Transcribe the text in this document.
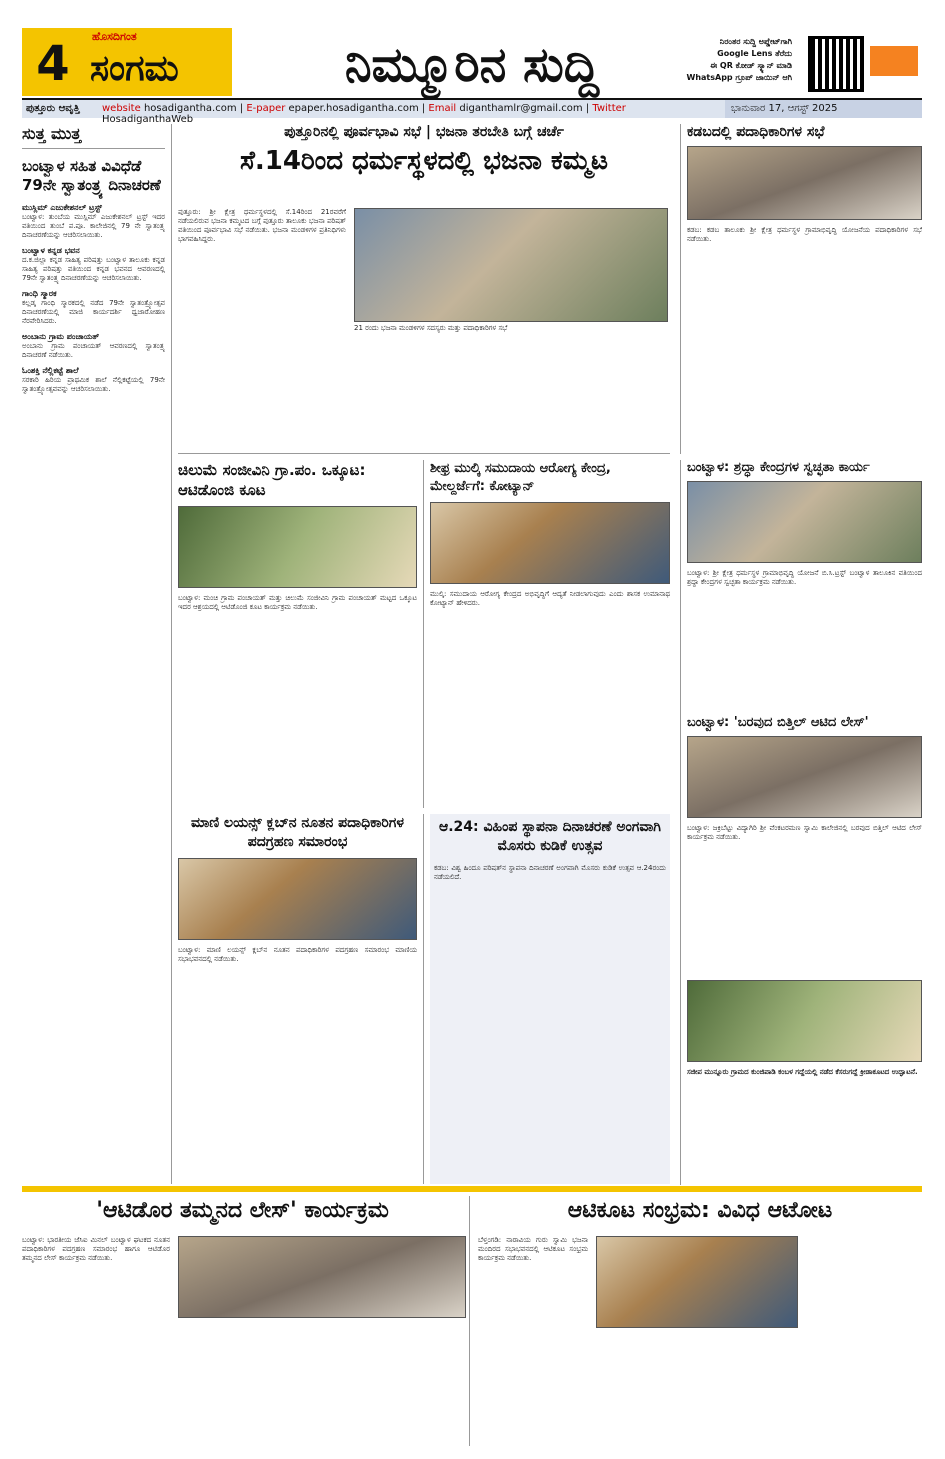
4	ಹೊಸದಿಗಂತ
ಸಂಗಮ	ನಿಮ್ಮೂರಿನ ಸುದ್ದಿ	ನಿರಂತರ ಸುದ್ದಿ ಅಪ್ಡೇಟ್‌ಗಾಗಿ
Google Lens ತೆರೆದು
ಈ QR ಕೋಡ್ ಸ್ಕ್ಯಾನ್ ಮಾಡಿ
WhatsApp ಗ್ರೂಪ್ ಜಾಯಿನ್ ಆಗಿ
ಪುತ್ತೂರು ಆವೃತ್ತಿ	website hosadigantha.com | E-paper epaper.hosadigantha.com | Email diganthamlr@gmail.com | Twitter HosadiganthaWeb
ಭಾನುವಾರ 17, ಆಗಸ್ಟ್ 2025
ಸುತ್ತ ಮುತ್ತ
ಬಂಟ್ವಾಳ ಸಹಿತ ವಿವಿಧೆಡೆ 79ನೇ ಸ್ವಾತಂತ್ರ್ಯ ದಿನಾಚರಣೆ
ಮುಸ್ಲಿಮ್ ಎಜುಕೇಶನಲ್ ಟ್ರಸ್ಟ್
ಬಂಟ್ವಾಳ: ತುಂಬೆಯ ಮುಸ್ಲಿಮ್ ಎಜುಕೇಶನಲ್ ಟ್ರಸ್ಟ್ ಇದರ ವತಿಯಿಂದ ತುಂಬೆ ಪ.ಪೂ. ಕಾಲೇಜಿನಲ್ಲಿ 79 ನೇ ಸ್ವಾತಂತ್ರ್ಯ ದಿನಾಚರಣೆಯನ್ನು ಆಚರಿಸಲಾಯಿತು.
ಬಂಟ್ವಾಳ ಕನ್ನಡ ಭವನ
ದ.ಕ.ಜಿಲ್ಲಾ ಕನ್ನಡ ಸಾಹಿತ್ಯ ಪರಿಷತ್ತು ಬಂಟ್ವಾಳ ತಾಲೂಕು ಕನ್ನಡ ಸಾಹಿತ್ಯ ಪರಿಷತ್ತು ವತಿಯಿಂದ ಕನ್ನಡ ಭವನದ ಆವರಣದಲ್ಲಿ 79ನೇ ಸ್ವಾತಂತ್ರ್ಯ ದಿನಾಚರಣೆಯನ್ನು ಆಚರಿಸಲಾಯಿತು.
ಗಾಂಧಿ ಸ್ಮಾರಕ
ಕಲ್ಲಡ್ಕ ಗಾಂಧಿ ಸ್ಮಾರಕದಲ್ಲಿ ನಡೆದ 79ನೇ ಸ್ವಾತಂತ್ರ್ಯೋತ್ಸವ ದಿನಾಚರಣೆಯಲ್ಲಿ ಮಾಜಿ ಕಾರ್ಯದರ್ಶಿ ಧ್ವಜಾರೋಹಣ ನೆರವೇರಿಸಿದರು.
ಅಂಬಾನು ಗ್ರಾಮ ಪಂಚಾಯತ್
ಅಂಬಾನು ಗ್ರಾಮ ಪಂಚಾಯತ್ ಆವರಣದಲ್ಲಿ ಸ್ವಾತಂತ್ರ್ಯ ದಿನಾಚರಣೆ ನಡೆಯಿತು.
ಓಂಶಕ್ತಿ ನೆಲ್ಲಿಕಟ್ಟೆ ಶಾಲೆ
ಸರಕಾರಿ ಹಿರಿಯ ಪ್ರಾಥಮಿಕ ಶಾಲೆ ನೆಲ್ಲಿಕಟ್ಟೆಯಲ್ಲಿ 79ನೇ ಸ್ವಾತಂತ್ರ್ಯೋತ್ಸವವನ್ನು ಆಚರಿಸಲಾಯಿತು.
ಪುತ್ತೂರಿನಲ್ಲಿ ಪೂರ್ವಭಾವಿ ಸಭೆ | ಭಜನಾ ತರಬೇತಿ ಬಗ್ಗೆ ಚರ್ಚೆ
ಸೆ.14ರಿಂದ ಧರ್ಮಸ್ಥಳದಲ್ಲಿ ಭಜನಾ ಕಮ್ಮಟ
ಪುತ್ತೂರು: ಶ್ರೀ ಕ್ಷೇತ್ರ ಧರ್ಮಸ್ಥಳದಲ್ಲಿ ಸೆ.14ರಿಂದ 21ರವರೆಗೆ ನಡೆಯಲಿರುವ ಭಜನಾ ಕಮ್ಮಟದ ಬಗ್ಗೆ ಪುತ್ತೂರು ತಾಲೂಕು ಭಜನಾ ಪರಿಷತ್ ವತಿಯಿಂದ ಪೂರ್ವಭಾವಿ ಸಭೆ ನಡೆಯಿತು. ಭಜನಾ ಮಂಡಳಿಗಳ ಪ್ರತಿನಿಧಿಗಳು ಭಾಗವಹಿಸಿದ್ದರು.
21 ರಂದು ಭಜನಾ ಮಂಡಳಿಗಳ ಸದಸ್ಯರು ಮತ್ತು ಪದಾಧಿಕಾರಿಗಳ ಸಭೆ
ಕಡಬದಲ್ಲಿ ಪದಾಧಿಕಾರಿಗಳ ಸಭೆ
ಕಡಬ: ಕಡಬ ತಾಲೂಕು ಶ್ರೀ ಕ್ಷೇತ್ರ ಧರ್ಮಸ್ಥಳ ಗ್ರಾಮಾಭಿವೃದ್ಧಿ ಯೋಜನೆಯ ಪದಾಧಿಕಾರಿಗಳ ಸಭೆ ನಡೆಯಿತು.
ಚಿಲುಮೆ ಸಂಜೀವಿನಿ ಗ್ರಾ.ಪಂ. ಒಕ್ಕೂಟ: ಆಟಿಡೊಂಜಿ ಕೂಟ
ಬಂಟ್ವಾಳ: ಮಂಚಿ ಗ್ರಾಮ ಪಂಚಾಯತ್ ಮತ್ತು ಚಿಲುಮೆ ಸಂಜೀವಿನಿ ಗ್ರಾಮ ಪಂಚಾಯತ್ ಮಟ್ಟದ ಒಕ್ಕೂಟ ಇದರ ಆಶ್ರಯದಲ್ಲಿ ಆಟಿಡೊಂಜಿ ಕೂಟ ಕಾರ್ಯಕ್ರಮ ನಡೆಯಿತು.
ಶೀಫ್ರ ಮುಲ್ಕಿ ಸಮುದಾಯ ಆರೋಗ್ಯ ಕೇಂದ್ರ, ಮೇಲ್ದರ್ಜೆಗೆ: ಕೋಟ್ಯಾನ್
ಮುಲ್ಕಿ: ಸಮುದಾಯ ಆರೋಗ್ಯ ಕೇಂದ್ರದ ಅಭಿವೃದ್ಧಿಗೆ ಆದ್ಯತೆ ನೀಡಲಾಗುವುದು ಎಂದು ಶಾಸಕ ಉಮಾನಾಥ ಕೋಟ್ಯಾನ್ ಹೇಳಿದರು.
ಬಂಟ್ವಾಳ: ಶ್ರದ್ಧಾ ಕೇಂದ್ರಗಳ ಸ್ವಚ್ಛತಾ ಕಾರ್ಯ
ಬಂಟ್ವಾಳ: ಶ್ರೀ ಕ್ಷೇತ್ರ ಧರ್ಮಸ್ಥಳ ಗ್ರಾಮಾಭಿವೃದ್ಧಿ ಯೋಜನೆ ಬಿ.ಸಿ.ಟ್ರಸ್ಟ್ ಬಂಟ್ವಾಳ ತಾಲೂಕಿನ ವತಿಯಿಂದ ಶ್ರದ್ಧಾ ಕೇಂದ್ರಗಳ ಸ್ವಚ್ಛತಾ ಕಾರ್ಯಕ್ರಮ ನಡೆಯಿತು.
ಬಂಟ್ವಾಳ: 'ಬರವುದ ಬಿತ್ತಿಲ್ ಆಟಿದ ಲೇಸ್'
ಬಂಟ್ವಾಳ: ಜಕ್ರಿಬೆಟ್ಟು ವಿದ್ಯಾಗಿರಿ ಶ್ರೀ ವೆಂಕಟರಮಣ ಸ್ವಾಮಿ ಕಾಲೇಜಿನಲ್ಲಿ ಬರವುದ ಬಿತ್ತಿಲ್ ಆಟಿದ ಲೇಸ್ ಕಾರ್ಯಕ್ರಮ ನಡೆಯಿತು.
ಸಜೀಪ ಮುನ್ನೂರು ಗ್ರಾಮದ ಕುಂಜಿಪಾಡಿ ಕಂಬಳ ಗದ್ದೆಯಲ್ಲಿ ನಡೆದ ಕೆಸರುಗದ್ದೆ ಕ್ರೀಡಾಕೂಟದ ಉದ್ಘಾಟನೆ.
ಮಾಣಿ ಲಯನ್ಸ್ ಕ್ಲಬ್‌ನ ನೂತನ ಪದಾಧಿಕಾರಿಗಳ ಪದಗ್ರಹಣ ಸಮಾರಂಭ
ಬಂಟ್ವಾಳ: ಮಾಣಿ ಲಯನ್ಸ್ ಕ್ಲಬ್‌ನ ನೂತನ ಪದಾಧಿಕಾರಿಗಳ ಪದಗ್ರಹಣ ಸಮಾರಂಭ ಮಾಣಿಯ ಸಭಾಭವನದಲ್ಲಿ ನಡೆಯಿತು.
ಆ.24: ವಿಹಿಂಪ ಸ್ಥಾಪನಾ ದಿನಾಚರಣೆ ಅಂಗವಾಗಿ ಮೊಸರು ಕುಡಿಕೆ ಉತ್ಸವ
ಕಡಬ: ವಿಶ್ವ ಹಿಂದೂ ಪರಿಷತ್‌ನ ಸ್ಥಾಪನಾ ದಿನಾಚರಣೆ ಅಂಗವಾಗಿ ಮೊಸರು ಕುಡಿಕೆ ಉತ್ಸವ ಆ.24ರಂದು ನಡೆಯಲಿದೆ.
'ಆಟಿಡೊರ ತಮ್ಮನದ ಲೇಸ್' ಕಾರ್ಯಕ್ರಮ
ಬಂಟ್ವಾಳ: ಭಾರತೀಯ ಜೆಸಿಐ ಮಿನಲ್ ಬಂಟ್ವಾಳ ಘಟಕದ ನೂತನ ಪದಾಧಿಕಾರಿಗಳ ಪದಗ್ರಹಣ ಸಮಾರಂಭ ಹಾಗೂ ಆಟಿಡೊರ ತಮ್ಮನದ ಲೇಸ್ ಕಾರ್ಯಕ್ರಮ ನಡೆಯಿತು.
ಆಟಿಕೂಟ ಸಂಭ್ರಮ: ವಿವಿಧ ಆಟೋಟ
ಬೆಳ್ತಂಗಡಿ: ನಾರಾವಿಯ ಗುರು ಸ್ವಾಮಿ ಭಜನಾ ಮಂದಿರದ ಸಭಾಭವನದಲ್ಲಿ ಆಟಿಕೂಟ ಸಂಭ್ರಮ ಕಾರ್ಯಕ್ರಮ ನಡೆಯಿತು.
